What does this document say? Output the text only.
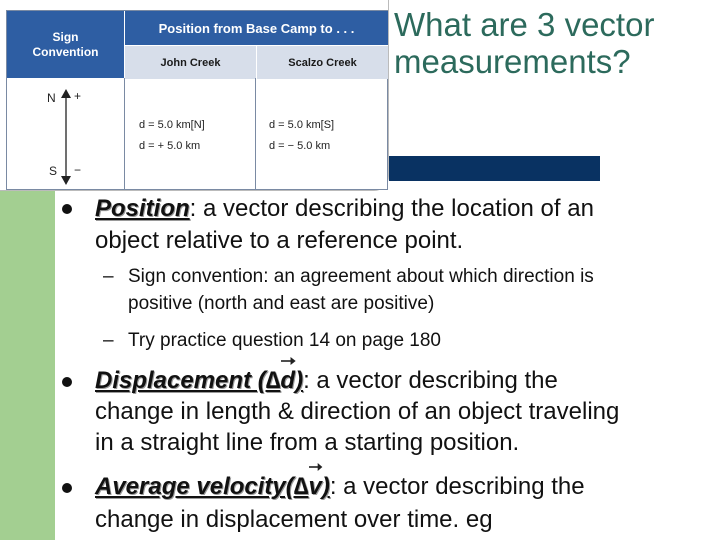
Sign
Convention
Position from Base Camp to . . .
John Creek	Scalzo Creek
N +
S −
d = 5.0 km[N]
d = + 5.0 km
d = 5.0 km[S]
d = − 5.0 km
What are 3 vector measurements?
Position: a vector describing the location of an
object relative to a reference point.
– Sign convention: an agreement about which direction is
positive (north and east are positive)
– Try practice question 14 on page 180
Displacement (∆
d): a vector describing the
change in length & direction of an object traveling
in a straight line from a starting position.
Average velocity(∆
v): a vector describing the
change in displacement over time. eg
